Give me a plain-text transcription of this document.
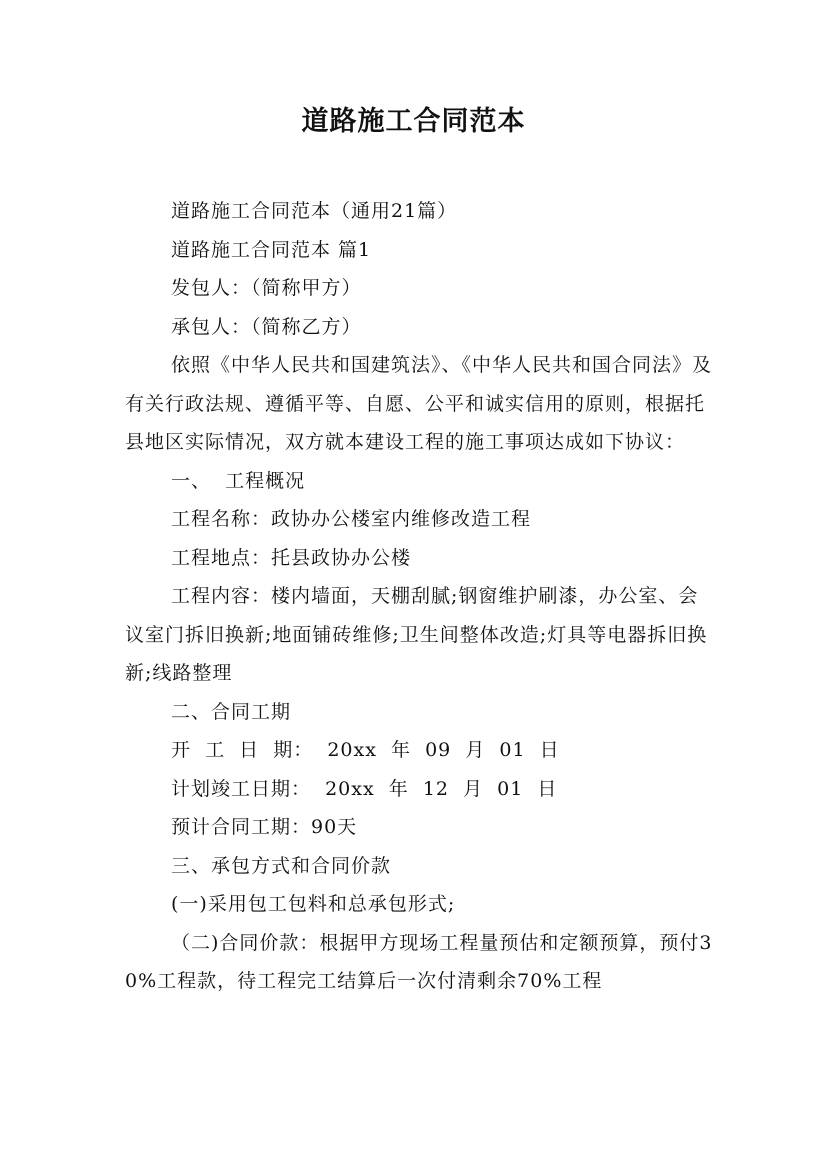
道路施工合同范本

道路施工合同范本（通用21篇）

道路施工合同范本 篇1

发包人：（简称甲方）

承包人：（简称乙方）

依照《中华人民共和国建筑法》、《中华人民共和国合同法》及有关行政法规、遵循平等、自愿、公平和诚实信用的原则，根据托县地区实际情况，双方就本建设工程的施工事项达成如下协议：

一、  工程概况

工程名称：政协办公楼室内维修改造工程

工程地点：托县政协办公楼

工程内容：楼内墙面，天棚刮腻;钢窗维护刷漆，办公室、会议室门拆旧换新;地面铺砖维修;卫生间整体改造;灯具等电器拆旧换新;线路整理

二、合同工期

开  工  日  期：  20xx  年  09  月  01  日

计划竣工日期：  20xx  年  12  月  01  日

预计合同工期：90天

三、承包方式和合同价款

(一)采用包工包料和总承包形式;

（二)合同价款：根据甲方现场工程量预估和定额预算，预付30%工程款，待工程完工结算后一次付清剩余70%工程
